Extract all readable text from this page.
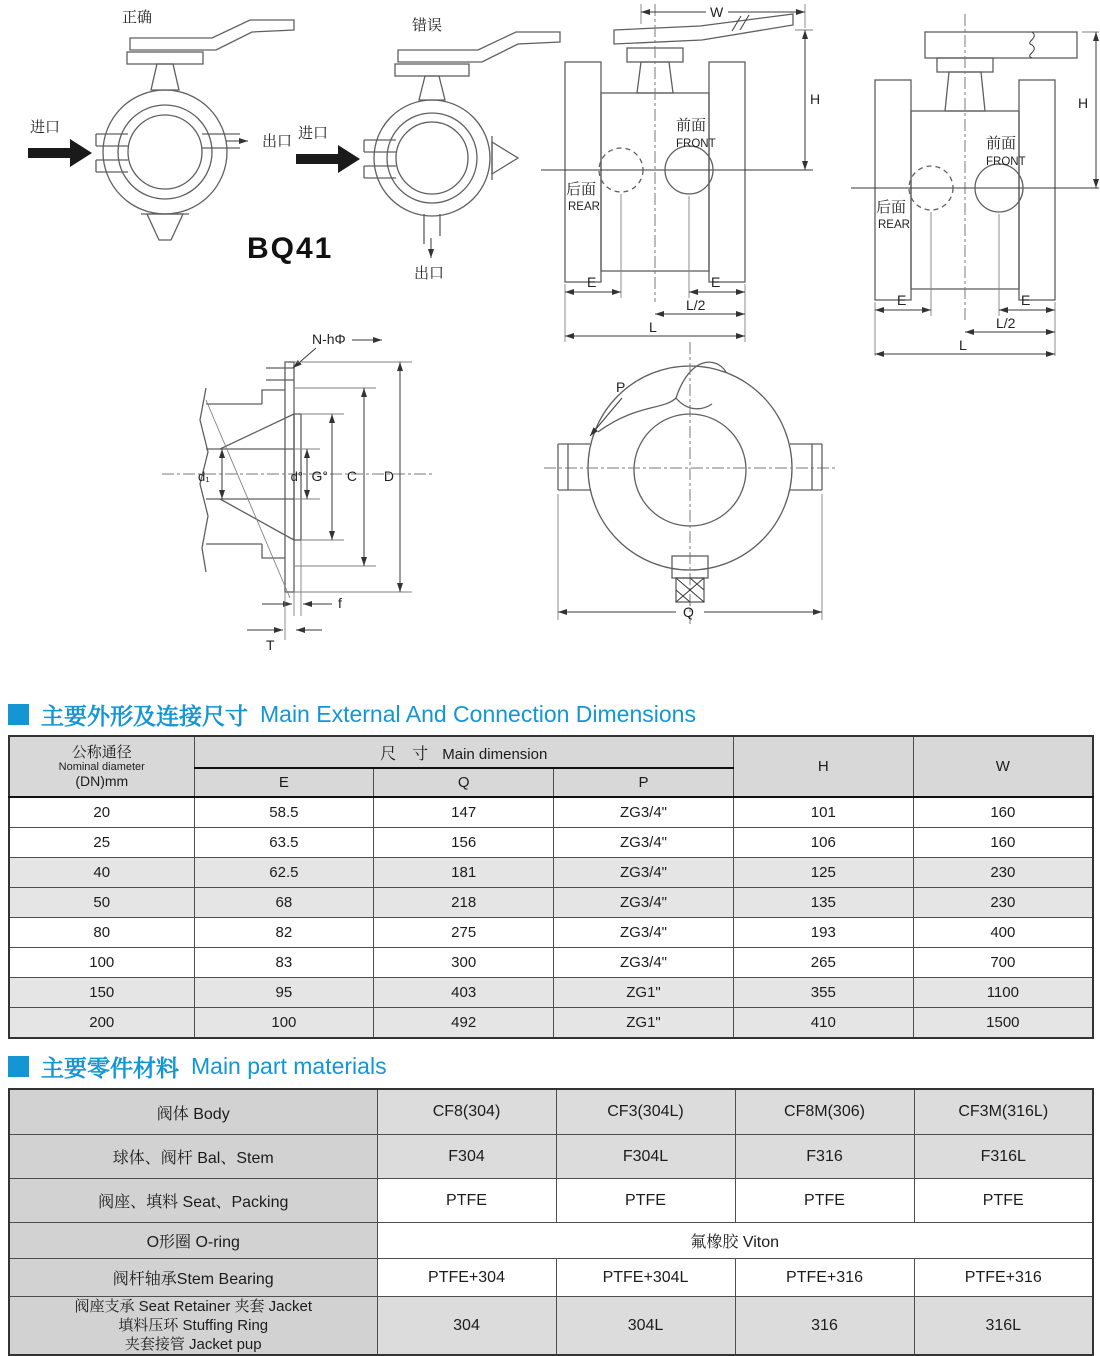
正确
进口
出口
错误
进口
出口
BQ41
前面
FRONT
后面
REAR
W
H
E	E
L/2
L
前面
FRONT
后面
REAR
H
E	E
L/2
L
N-hΦ
d₁	d° G° C D
f
T
Q
P
主要外形及连接尺寸 Main External And Connection Dimensions
公称通径
Nominal diameter
(DN)mm	尺　寸 Main dimension			H	W
	E	Q	P		
20	58.5	147	ZG3/4"	101	160
25	63.5	156	ZG3/4"	106	160
40	62.5	181	ZG3/4"	125	230
50	68	218	ZG3/4"	135	230
80	82	275	ZG3/4"	193	400
100	83	300	ZG3/4"	265	700
150	95	403	ZG1"	355	1100
200	100	492	ZG1"	410	1500
主要零件材料 Main part materials
阀体 Body	CF8(304)	CF3(304L)	CF8M(306)	CF3M(316L)
球体、阀杆 Bal、Stem	F304	F304L	F316	F316L
阀座、填料 Seat、Packing	PTFE	PTFE	PTFE	PTFE
O形圈 O-ring	氟橡胶 Viton			
阀杆轴承Stem Bearing	PTFE+304	PTFE+304L	PTFE+316	PTFE+316

阀座支承 Seat Retainer 夹套 Jacket
填料压环 Stuffing Ring
夹套接管 Jacket pup	304	304L	316	316L
